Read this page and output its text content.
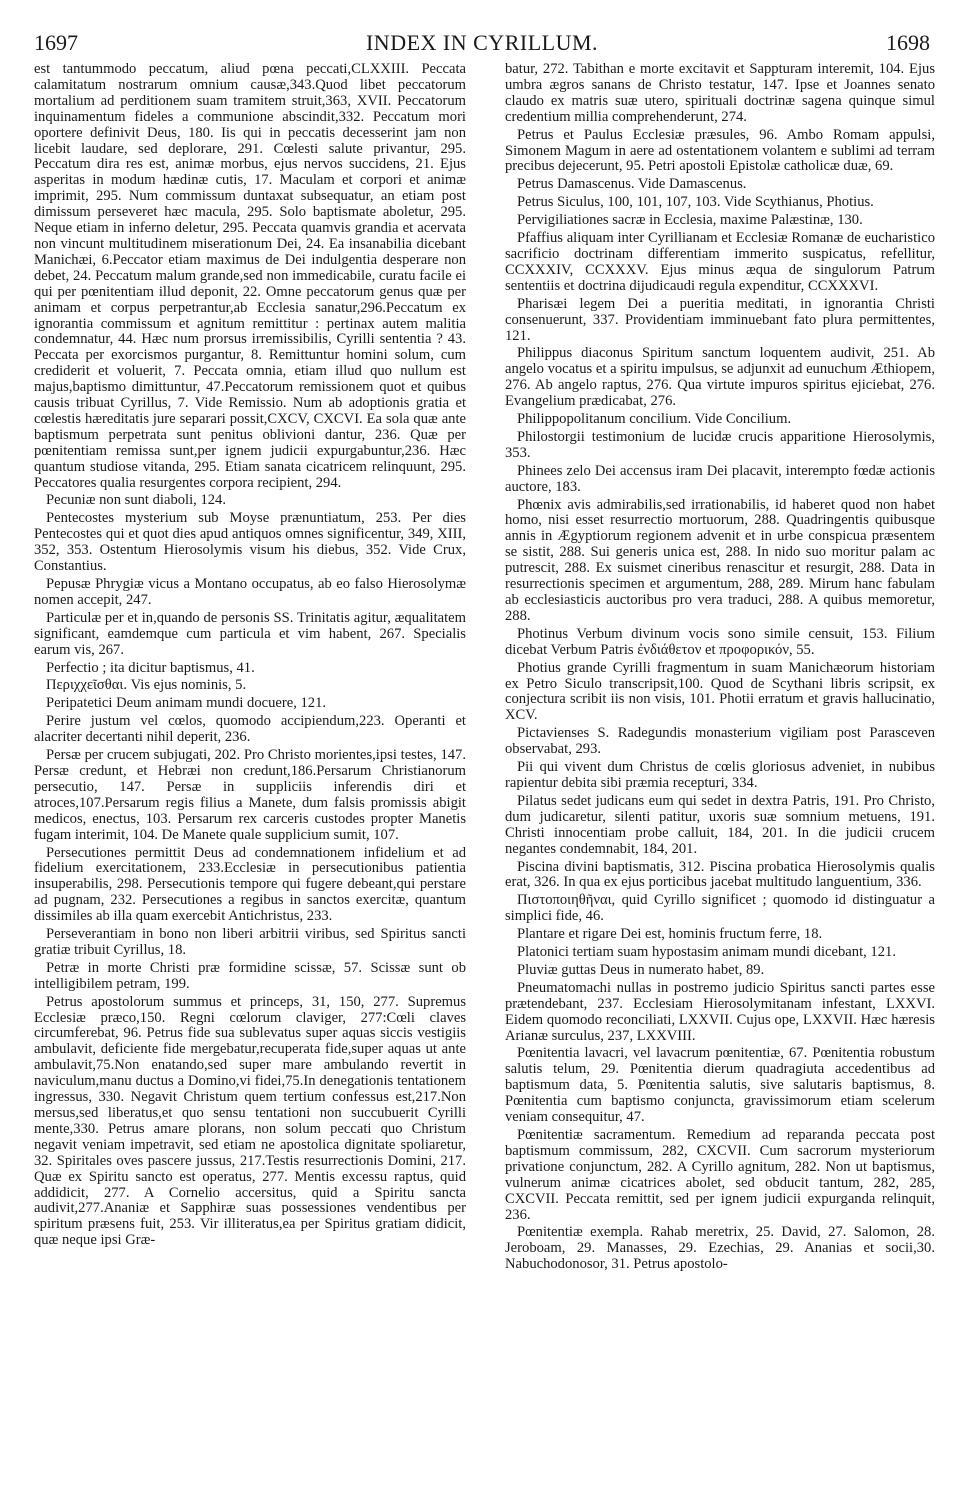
1697	INDEX IN CYRILLUM.	1698

est tantummodo peccatum, aliud pœna peccati,CLXXIII. Peccata calamitatum nostrarum omnium causæ,343.Quod libet peccatorum mortalium ad perditionem suam tramitem struit,363, XVII. Peccatorum inquinamentum fideles a communione abscindit,332. Peccatum mori oportere definivit Deus, 180. Iis qui in peccatis decesserint jam non licebit laudare, sed deplorare, 291. Cœlesti salute privantur, 295. Peccatum dira res est, animæ morbus, ejus nervos succidens, 21. Ejus asperitas in modum hædinæ cutis, 17. Maculam et corpori et animæ imprimit, 295. Num commissum duntaxat subsequatur, an etiam post dimissum perseveret hæc macula, 295. Solo baptismate aboletur, 295. Neque etiam in inferno deletur, 295. Peccata quamvis grandia et acervata non vincunt multitudinem miserationum Dei, 24. Ea insanabilia dicebant Manichæi, 6.Peccator etiam maximus de Dei indulgentia desperare non debet, 24. Peccatum malum grande,sed non immedicabile, curatu facile ei qui per pœnitentiam illud deponit, 22. Omne peccatorum genus quæ per animam et corpus perpetrantur,ab Ecclesia sanatur,296.Peccatum ex ignorantia commissum et agnitum remittitur : pertinax autem malitia condemnatur, 44. Hæc num prorsus irremissibilis, Cyrilli sententia ? 43. Peccata per exorcismos purgantur, 8. Remittuntur homini solum, cum crediderit et voluerit, 7. Peccata omnia, etiam illud quo nullum est majus,baptismo dimittuntur, 47.Peccatorum remissionem quot et quibus causis tribuat Cyrillus, 7. Vide Remissio. Num ab adoptionis gratia et cœlestis hæreditatis jure separari possit,CXCV, CXCVI. Ea sola quæ ante baptismum perpetrata sunt penitus oblivioni dantur, 236. Quæ per pœnitentiam remissa sunt,per ignem judicii expurgabuntur,236. Hæc quantum studiose vitanda, 295. Etiam sanata cicatricem relinquunt, 295. Peccatores qualia resurgentes corpora recipient, 294.

Pecuniæ non sunt diaboli, 124.

Pentecostes mysterium sub Moyse prænuntiatum, 253. Per dies Pentecostes qui et quot dies apud antiquos omnes significentur, 349, XIII, 352, 353. Ostentum Hierosolymis visum his diebus, 352. Vide Crux, Constantius.

Pepusæ Phrygiæ vicus a Montano occupatus, ab eo falso Hierosolymæ nomen accepit, 247.

Particulæ per et in,quando de personis SS. Trinitatis agitur, æqualitatem significant, eamdemque cum particula et vim habent, 267. Specialis earum vis, 267.

Perfectio ; ita dicitur baptismus, 41.

Περιχχεῖσθαι. Vis ejus nominis, 5.

Peripatetici Deum animam mundi docuere, 121.

Perire justum vel cœlos, quomodo accipiendum,223. Operanti et alacriter decertanti nihil deperit, 236.

Persæ per crucem subjugati, 202. Pro Christo morientes,ipsi testes, 147. Persæ credunt, et Hebræi non credunt,186.Persarum Christianorum persecutio, 147. Persæ in suppliciis inferendis diri et atroces,107.Persarum regis filius a Manete, dum falsis promissis abigit medicos, enectus, 103. Persarum rex carceris custodes propter Manetis fugam interimit, 104. De Manete quale supplicium sumit, 107.

Persecutiones permittit Deus ad condemnationem infidelium et ad fidelium exercitationem, 233.Ecclesiæ in persecutionibus patientia insuperabilis, 298. Persecutionis tempore qui fugere debeant,qui perstare ad pugnam, 232. Persecutiones a regibus in sanctos exercitæ, quantum dissimiles ab illa quam exercebit Antichristus, 233.

Perseverantiam in bono non liberi arbitrii viribus, sed Spiritus sancti gratiæ tribuit Cyrillus, 18.

Petræ in morte Christi præ formidine scissæ, 57. Scissæ sunt ob intelligibilem petram, 199.

Petrus apostolorum summus et princeps, 31, 150, 277. Supremus Ecclesiæ præco,150. Regni cœlorum claviger, 277:Cœli claves circumferebat, 96. Petrus fide sua sublevatus super aquas siccis vestigiis ambulavit, deficiente fide mergebatur,recuperata fide,super aquas ut ante ambulavit,75.Non enatando,sed super mare ambulando revertit in naviculum,manu ductus a Domino,vi fidei,75.In denegationis tentationem ingressus, 330. Negavit Christum quem tertium confessus est,217.Non mersus,sed liberatus,et quo sensu tentationi non succubuerit Cyrilli mente,330. Petrus amare plorans, non solum peccati quo Christum negavit veniam impetravit, sed etiam ne apostolica dignitate spoliaretur, 32. Spiritales oves pascere jussus, 217.Testis resurrectionis Domini, 217. Quæ ex Spiritu sancto est operatus, 277. Mentis excessu raptus, quid addidicit, 277. A Cornelio accersitus, quid a Spiritu sancta audivit,277.Ananiæ et Sapphiræ suas possessiones vendentibus per spiritum præsens fuit, 253. Vir illiteratus,ea per Spiritus gratiam didicit, quæ neque ipsi Græ-

batur, 272. Tabithan e morte excitavit et Sappturam interemit, 104. Ejus umbra ægros sanans de Christo testatur, 147. Ipse et Joannes senato claudo ex matris suæ utero, spirituali doctrinæ sagena quinque simul credentium millia comprehenderunt, 274.

Petrus et Paulus Ecclesiæ præsules, 96. Ambo Romam appulsi, Simonem Magum in aere ad ostentationem volantem e sublimi ad terram precibus dejecerunt, 95. Petri apostoli Epistolæ catholicæ duæ, 69.

Petrus Damascenus. Vide Damascenus.

Petrus Siculus, 100, 101, 107, 103. Vide Scythianus, Photius.

Pervigiliationes sacræ in Ecclesia, maxime Palæstinæ, 130.

Pfaffius aliquam inter Cyrillianam et Ecclesiæ Romanæ de eucharistico sacrificio doctrinam differentiam immerito suspicatus, refellitur, CCXXXIV, CCXXXV. Ejus minus æqua de singulorum Patrum sententiis et doctrina dijudicaudi regula expenditur, CCXXXVI.

Pharisæi legem Dei a pueritia meditati, in ignorantia Christi consenuerunt, 337. Providentiam imminuebant fato plura permittentes, 121.

Philippus diaconus Spiritum sanctum loquentem audivit, 251. Ab angelo vocatus et a spiritu impulsus, se adjunxit ad eunuchum Æthiopem, 276. Ab angelo raptus, 276. Qua virtute impuros spiritus ejiciebat, 276. Evangelium prædicabat, 276.

Philippopolitanum concilium. Vide Concilium.

Philostorgii testimonium de lucidæ crucis apparitione Hierosolymis, 353.

Phinees zelo Dei accensus iram Dei placavit, interempto fœdæ actionis auctore, 183.

Phœnix avis admirabilis,sed irrationabilis, id haberet quod non habet homo, nisi esset resurrectio mortuorum, 288. Quadringentis quibusque annis in Ægyptiorum regionem advenit et in urbe conspicua præsentem se sistit, 288. Sui generis unica est, 288. In nido suo moritur palam ac putrescit, 288. Ex suismet cineribus renascitur et resurgit, 288. Data in resurrectionis specimen et argumentum, 288, 289. Mirum hanc fabulam ab ecclesiasticis auctoribus pro vera traduci, 288. A quibus memoretur, 288.

Photinus Verbum divinum vocis sono simile censuit, 153. Filium dicebat Verbum Patris ἐνδιάθετον et προφορικόν, 55.

Photius grande Cyrilli fragmentum in suam Manichæorum historiam ex Petro Siculo transcripsit,100. Quod de Scythani libris scripsit, ex conjectura scribit iis non visis, 101. Photii erratum et gravis hallucinatio, XCV.

Pictavienses S. Radegundis monasterium vigiliam post Parasceven observabat, 293.

Pii qui vivent dum Christus de cœlis gloriosus adveniet, in nubibus rapientur debita sibi præmia recepturi, 334.

Pilatus sedet judicans eum qui sedet in dextra Patris, 191. Pro Christo, dum judicaretur, silenti patitur, uxoris suæ somnium metuens, 191. Christi innocentiam probe calluit, 184, 201. In die judicii crucem negantes condemnabit, 184, 201.

Piscina divini baptismatis, 312. Piscina probatica Hierosolymis qualis erat, 326. In qua ex ejus porticibus jacebat multitudo languentium, 336.

Πιστοποιηθῆναι, quid Cyrillo significet ; quomodo id distinguatur a simplici fide, 46.

Plantare et rigare Dei est, hominis fructum ferre, 18.

Platonici tertiam suam hypostasim animam mundi dicebant, 121.

Pluviæ guttas Deus in numerato habet, 89.

Pneumatomachi nullas in postremo judicio Spiritus sancti partes esse prætendebant, 237. Ecclesiam Hierosolymitanam infestant, LXXVI. Eidem quomodo reconciliati, LXXVII. Cujus ope, LXXVII. Hæc hæresis Arianæ surculus, 237, LXXVIII.

Pœnitentia lavacri, vel lavacrum pœnitentiæ, 67. Pœnitentia robustum salutis telum, 29. Pœnitentia dierum quadragiuta accedentibus ad baptismum data, 5. Pœnitentia salutis, sive salutaris baptismus, 8. Pœnitentia cum baptismo conjuncta, gravissimorum etiam scelerum veniam consequitur, 47.

Pœnitentiæ sacramentum. Remedium ad reparanda peccata post baptismum commissum, 282, CXCVII. Cum sacrorum mysteriorum privatione conjunctum, 282. A Cyrillo agnitum, 282. Non ut baptismus, vulnerum animæ cicatrices abolet, sed obducit tantum, 282, 285, CXCVII. Peccata remittit, sed per ignem judicii expurganda relinquit, 236.

Pœnitentiæ exempla. Rahab meretrix, 25. David, 27. Salomon, 28. Jeroboam, 29. Manasses, 29. Ezechias, 29. Ananias et socii,30. Nabuchodonosor, 31. Petrus apostolo-
